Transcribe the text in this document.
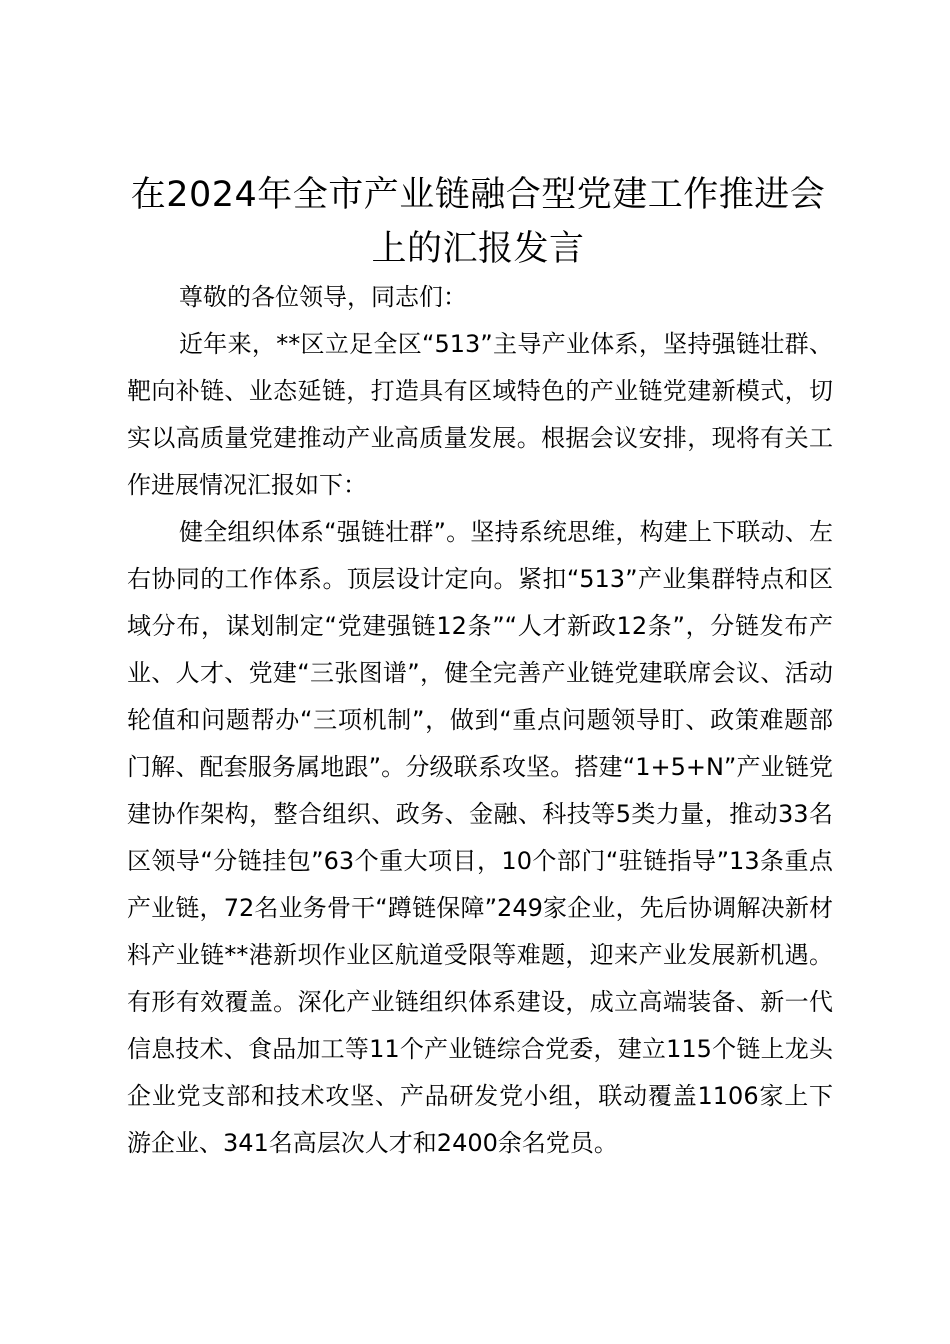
在2024年全市产业链融合型党建工作推进会上的汇报发言

尊敬的各位领导，同志们：

近年来，**区立足全区“513”主导产业体系，坚持强链壮群、靶向补链、业态延链，打造具有区域特色的产业链党建新模式，切实以高质量党建推动产业高质量发展。根据会议安排，现将有关工作进展情况汇报如下：

健全组织体系“强链壮群”。坚持系统思维，构建上下联动、左右协同的工作体系。顶层设计定向。紧扣“513”产业集群特点和区域分布，谋划制定“党建强链12条”“人才新政12条”，分链发布产业、人才、党建“三张图谱”，健全完善产业链党建联席会议、活动轮值和问题帮办“三项机制”，做到“重点问题领导盯、政策难题部门解、配套服务属地跟”。分级联系攻坚。搭建“1+5+N”产业链党建协作架构，整合组织、政务、金融、科技等5类力量，推动33名区领导“分链挂包”63个重大项目，10个部门“驻链指导”13条重点产业链，72名业务骨干“蹲链保障”249家企业，先后协调解决新材料产业链**港新坝作业区航道受限等难题，迎来产业发展新机遇。有形有效覆盖。深化产业链组织体系建设，成立高端装备、新一代信息技术、食品加工等11个产业链综合党委，建立115个链上龙头企业党支部和技术攻坚、产品研发党小组，联动覆盖1106家上下游企业、341名高层次人才和2400余名党员。
